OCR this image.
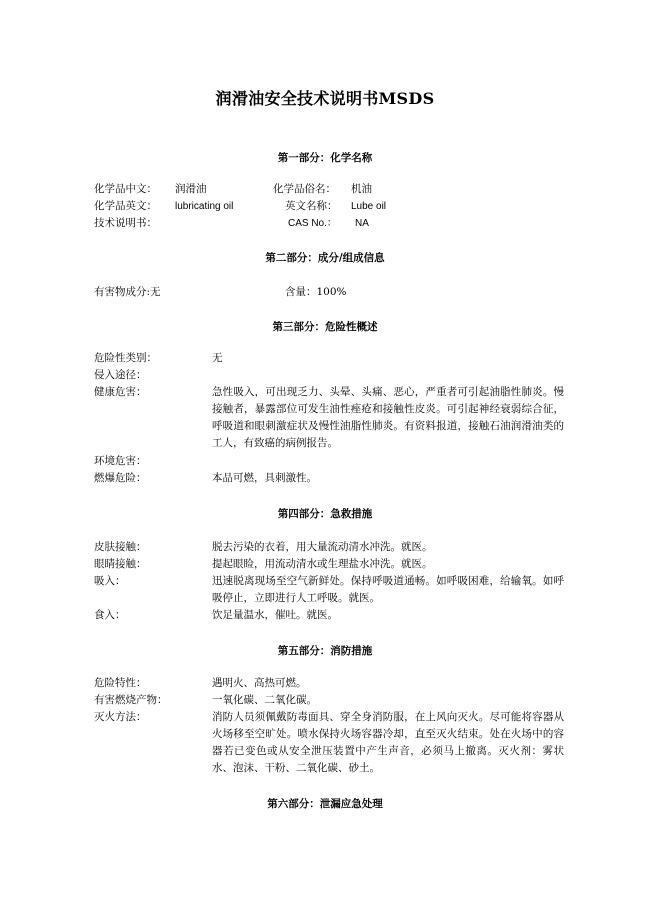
润滑油安全技术说明书MSDS
第一部分：化学名称
化学品中文： 润滑油	化学品俗名： 机油
化学品英文： lubricating oil	英文名称： Lube oil
技术说明书：	CAS No.： NA
第二部分：成分/组成信息
有害物成分:无	含量：100%
第三部分：危险性概述
危险性类别：	无
侵入途径：
健康危害：	急性吸入，可出现乏力、头晕、头痛、恶心，严重者可引起油脂性肺炎。慢接触者，暴露部位可发生油性痤疮和接触性皮炎。可引起神经衰弱综合征，呼吸道和眼刺激症状及慢性油脂性肺炎。有资料报道，接触石油润滑油类的工人，有致癌的病例报告。
环境危害：
燃爆危险：	本品可燃，具刺激性。
第四部分：急救措施
皮肤接触：	脱去污染的衣着，用大量流动清水冲洗。就医。
眼睛接触：	提起眼睑，用流动清水或生理盐水冲洗。就医。
吸入：	迅速脱离现场至空气新鲜处。保持呼吸道通畅。如呼吸困难，给输氧。如呼吸停止，立即进行人工呼吸。就医。
食入：	饮足量温水，催吐。就医。
第五部分：消防措施
危险特性：	遇明火、高热可燃。
有害燃烧产物：	一氧化碳、二氧化碳。
灭火方法：	消防人员须佩戴防毒面具、穿全身消防服，在上风向灭火。尽可能将容器从火场移至空旷处。喷水保持火场容器冷却，直至灭火结束。处在火场中的容器若已变色或从安全泄压装置中产生声音，必须马上撤离。灭火剂：雾状水、泡沫、干粉、二氧化碳、砂土。
第六部分：泄漏应急处理
